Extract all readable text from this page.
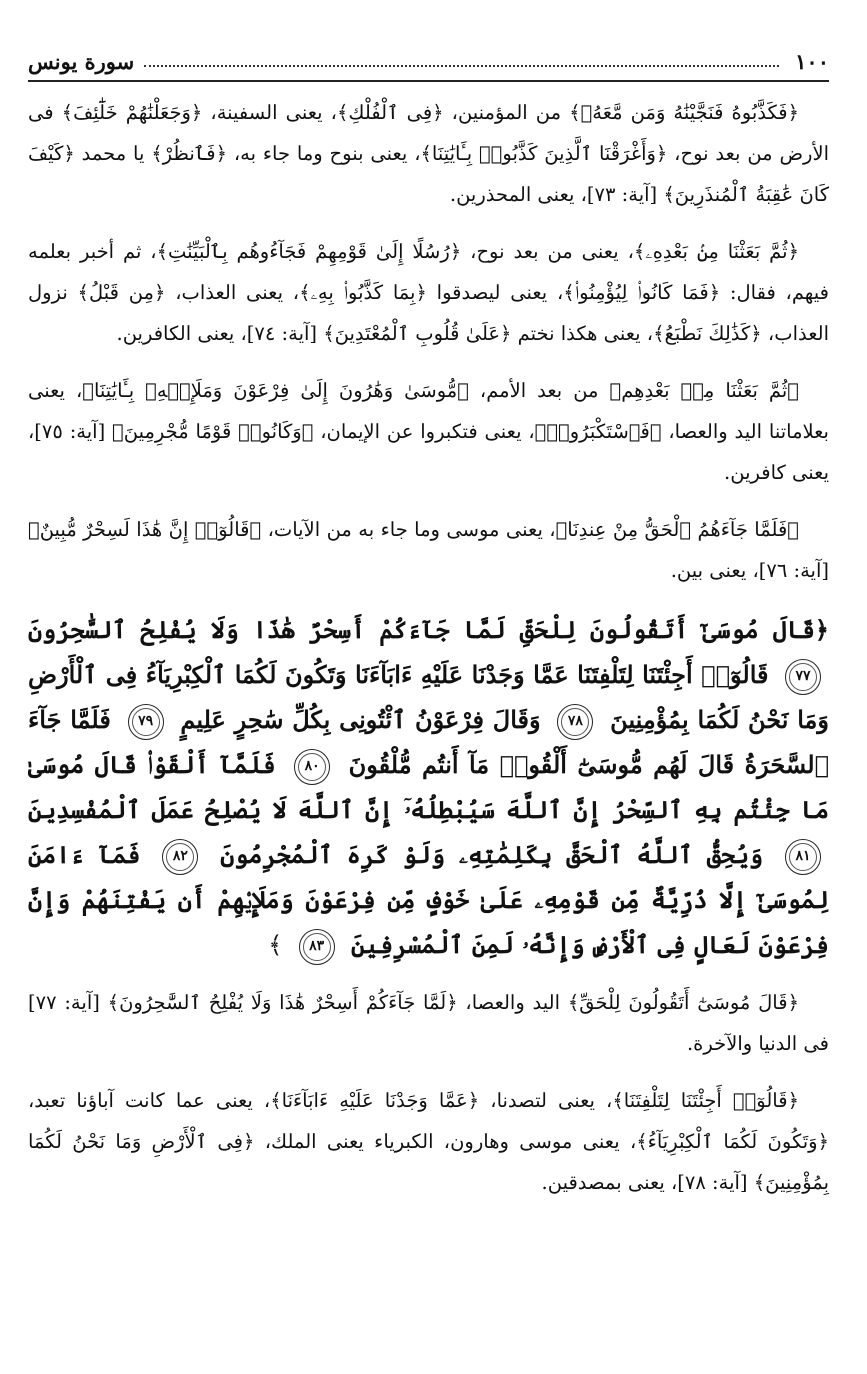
١٠٠
سورة يونس

﴿فَكَذَّبُوهُ فَنَجَّيْنَٰهُ وَمَن مَّعَهُۥ﴾ من المؤمنين، ﴿فِى ٱلْفُلْكِ﴾، يعنى السفينة، ﴿وَجَعَلْنَٰهُمْ خَلَٰٓئِفَ﴾ فى الأرض من بعد نوح، ﴿وَأَغْرَقْنَا ٱلَّذِينَ كَذَّبُوا۟ بِـَٔايَٰتِنَا﴾، يعنى بنوح وما جاء به، ﴿فَٱنظُرْ﴾ يا محمد ﴿كَيْفَ كَانَ عَٰقِبَةُ ٱلْمُنذَرِينَ﴾ [آية: ٧٣]، يعنى المحذرين.

﴿ثُمَّ بَعَثْنَا مِنۢ بَعْدِهِۦ﴾، يعنى من بعد نوح، ﴿رُسُلًا إِلَىٰ قَوْمِهِمْ فَجَآءُوهُم بِٱلْبَيِّنَٰتِ﴾، ثم أخبر بعلمه فيهم، فقال: ﴿فَمَا كَانُوا۟ لِيُؤْمِنُوا۟﴾، يعنى ليصدقوا ﴿بِمَا كَذَّبُوا۟ بِهِۦ﴾، يعنى العذاب، ﴿مِن قَبْلُ﴾ نزول العذاب، ﴿كَذَٰلِكَ نَطْبَعُ﴾، يعنى هكذا نختم ﴿عَلَىٰ قُلُوبِ ٱلْمُعْتَدِينَ﴾ [آية: ٧٤]، يعنى الكافرين.

﴿ثُمَّ بَعَثْنَا مِنۢ بَعْدِهِم﴾ من بعد الأمم، ﴿مُّوسَىٰ وَهَٰرُونَ إِلَىٰ فِرْعَوْنَ وَمَلَإِي۟هِۦ بِـَٔايَٰتِنَا﴾، يعنى بعلاماتنا اليد والعصا، ﴿فَٱسْتَكْبَرُوا۟﴾، يعنى فتكبروا عن الإيمان، ﴿وَكَانُوا۟ قَوْمًا مُّجْرِمِينَ﴾ [آية: ٧٥]، يعنى كافرين.

﴿فَلَمَّا جَآءَهُمُ ٱلْحَقُّ مِنْ عِندِنَا﴾، يعنى موسى وما جاء به من الآيات، ﴿قَالُوٓا۟ إِنَّ هَٰذَا لَسِحْرٌ مُّبِينٌ﴾ [آية: ٧٦]، يعنى بين.

﴿قَالَ مُوسَىٰٓ أَتَقُولُونَ لِلْحَقِّ لَمَّا جَآءَكُمْ أَسِحْرٌ هَٰذَا وَلَا يُفْلِحُ ٱلسَّٰحِرُونَ ٧٧ قَالُوٓا۟ أَجِئْتَنَا لِتَلْفِتَنَا عَمَّا وَجَدْنَا عَلَيْهِ ءَابَآءَنَا وَتَكُونَ لَكُمَا ٱلْكِبْرِيَآءُ فِى ٱلْأَرْضِ وَمَا نَحْنُ لَكُمَا بِمُؤْمِنِينَ ٧٨ وَقَالَ فِرْعَوْنُ ٱئْتُونِى بِكُلِّ سَٰحِرٍ عَلِيمٍ ٧٩ فَلَمَّا جَآءَ ٱلسَّحَرَةُ قَالَ لَهُم مُّوسَىٰٓ أَلْقُوا۟ مَآ أَنتُم مُّلْقُونَ ٨٠ فَلَمَّآ أَلْقَوْا۟ قَالَ مُوسَىٰ مَا جِئْتُم بِهِ ٱلسِّحْرُ إِنَّ ٱللَّهَ سَيُبْطِلُهُۥٓ إِنَّ ٱللَّهَ لَا يُصْلِحُ عَمَلَ ٱلْمُفْسِدِينَ ٨١ وَيُحِقُّ ٱللَّهُ ٱلْحَقَّ بِكَلِمَٰتِهِۦ وَلَوْ كَرِهَ ٱلْمُجْرِمُونَ ٨٢ فَمَآ ءَامَنَ لِمُوسَىٰٓ إِلَّا ذُرِّيَّةٌ مِّن قَوْمِهِۦ عَلَىٰ خَوْفٍ مِّن فِرْعَوْنَ وَمَلَإِي۟هِمْ أَن يَفْتِنَهُمْ وَإِنَّ فِرْعَوْنَ لَعَالٍ فِى ٱلْأَرْضِ وَإِنَّهُۥ لَمِنَ ٱلْمُسْرِفِينَ ٨٣ ﴾

﴿قَالَ مُوسَىٰٓ أَتَقُولُونَ لِلْحَقِّ﴾ اليد والعصا، ﴿لَمَّا جَآءَكُمْ أَسِحْرٌ هَٰذَا وَلَا يُفْلِحُ ٱلسَّٰحِرُونَ﴾ [آية: ٧٧] فى الدنيا والآخرة.

﴿قَالُوٓا۟ أَجِئْتَنَا لِتَلْفِتَنَا﴾، يعنى لتصدنا، ﴿عَمَّا وَجَدْنَا عَلَيْهِ ءَابَآءَنَا﴾، يعنى عما كانت آباؤنا تعبد، ﴿وَتَكُونَ لَكُمَا ٱلْكِبْرِيَآءُ﴾، يعنى موسى وهارون، الكبرياء يعنى الملك، ﴿فِى ٱلْأَرْضِ وَمَا نَحْنُ لَكُمَا بِمُؤْمِنِينَ﴾ [آية: ٧٨]، يعنى بمصدقين.
